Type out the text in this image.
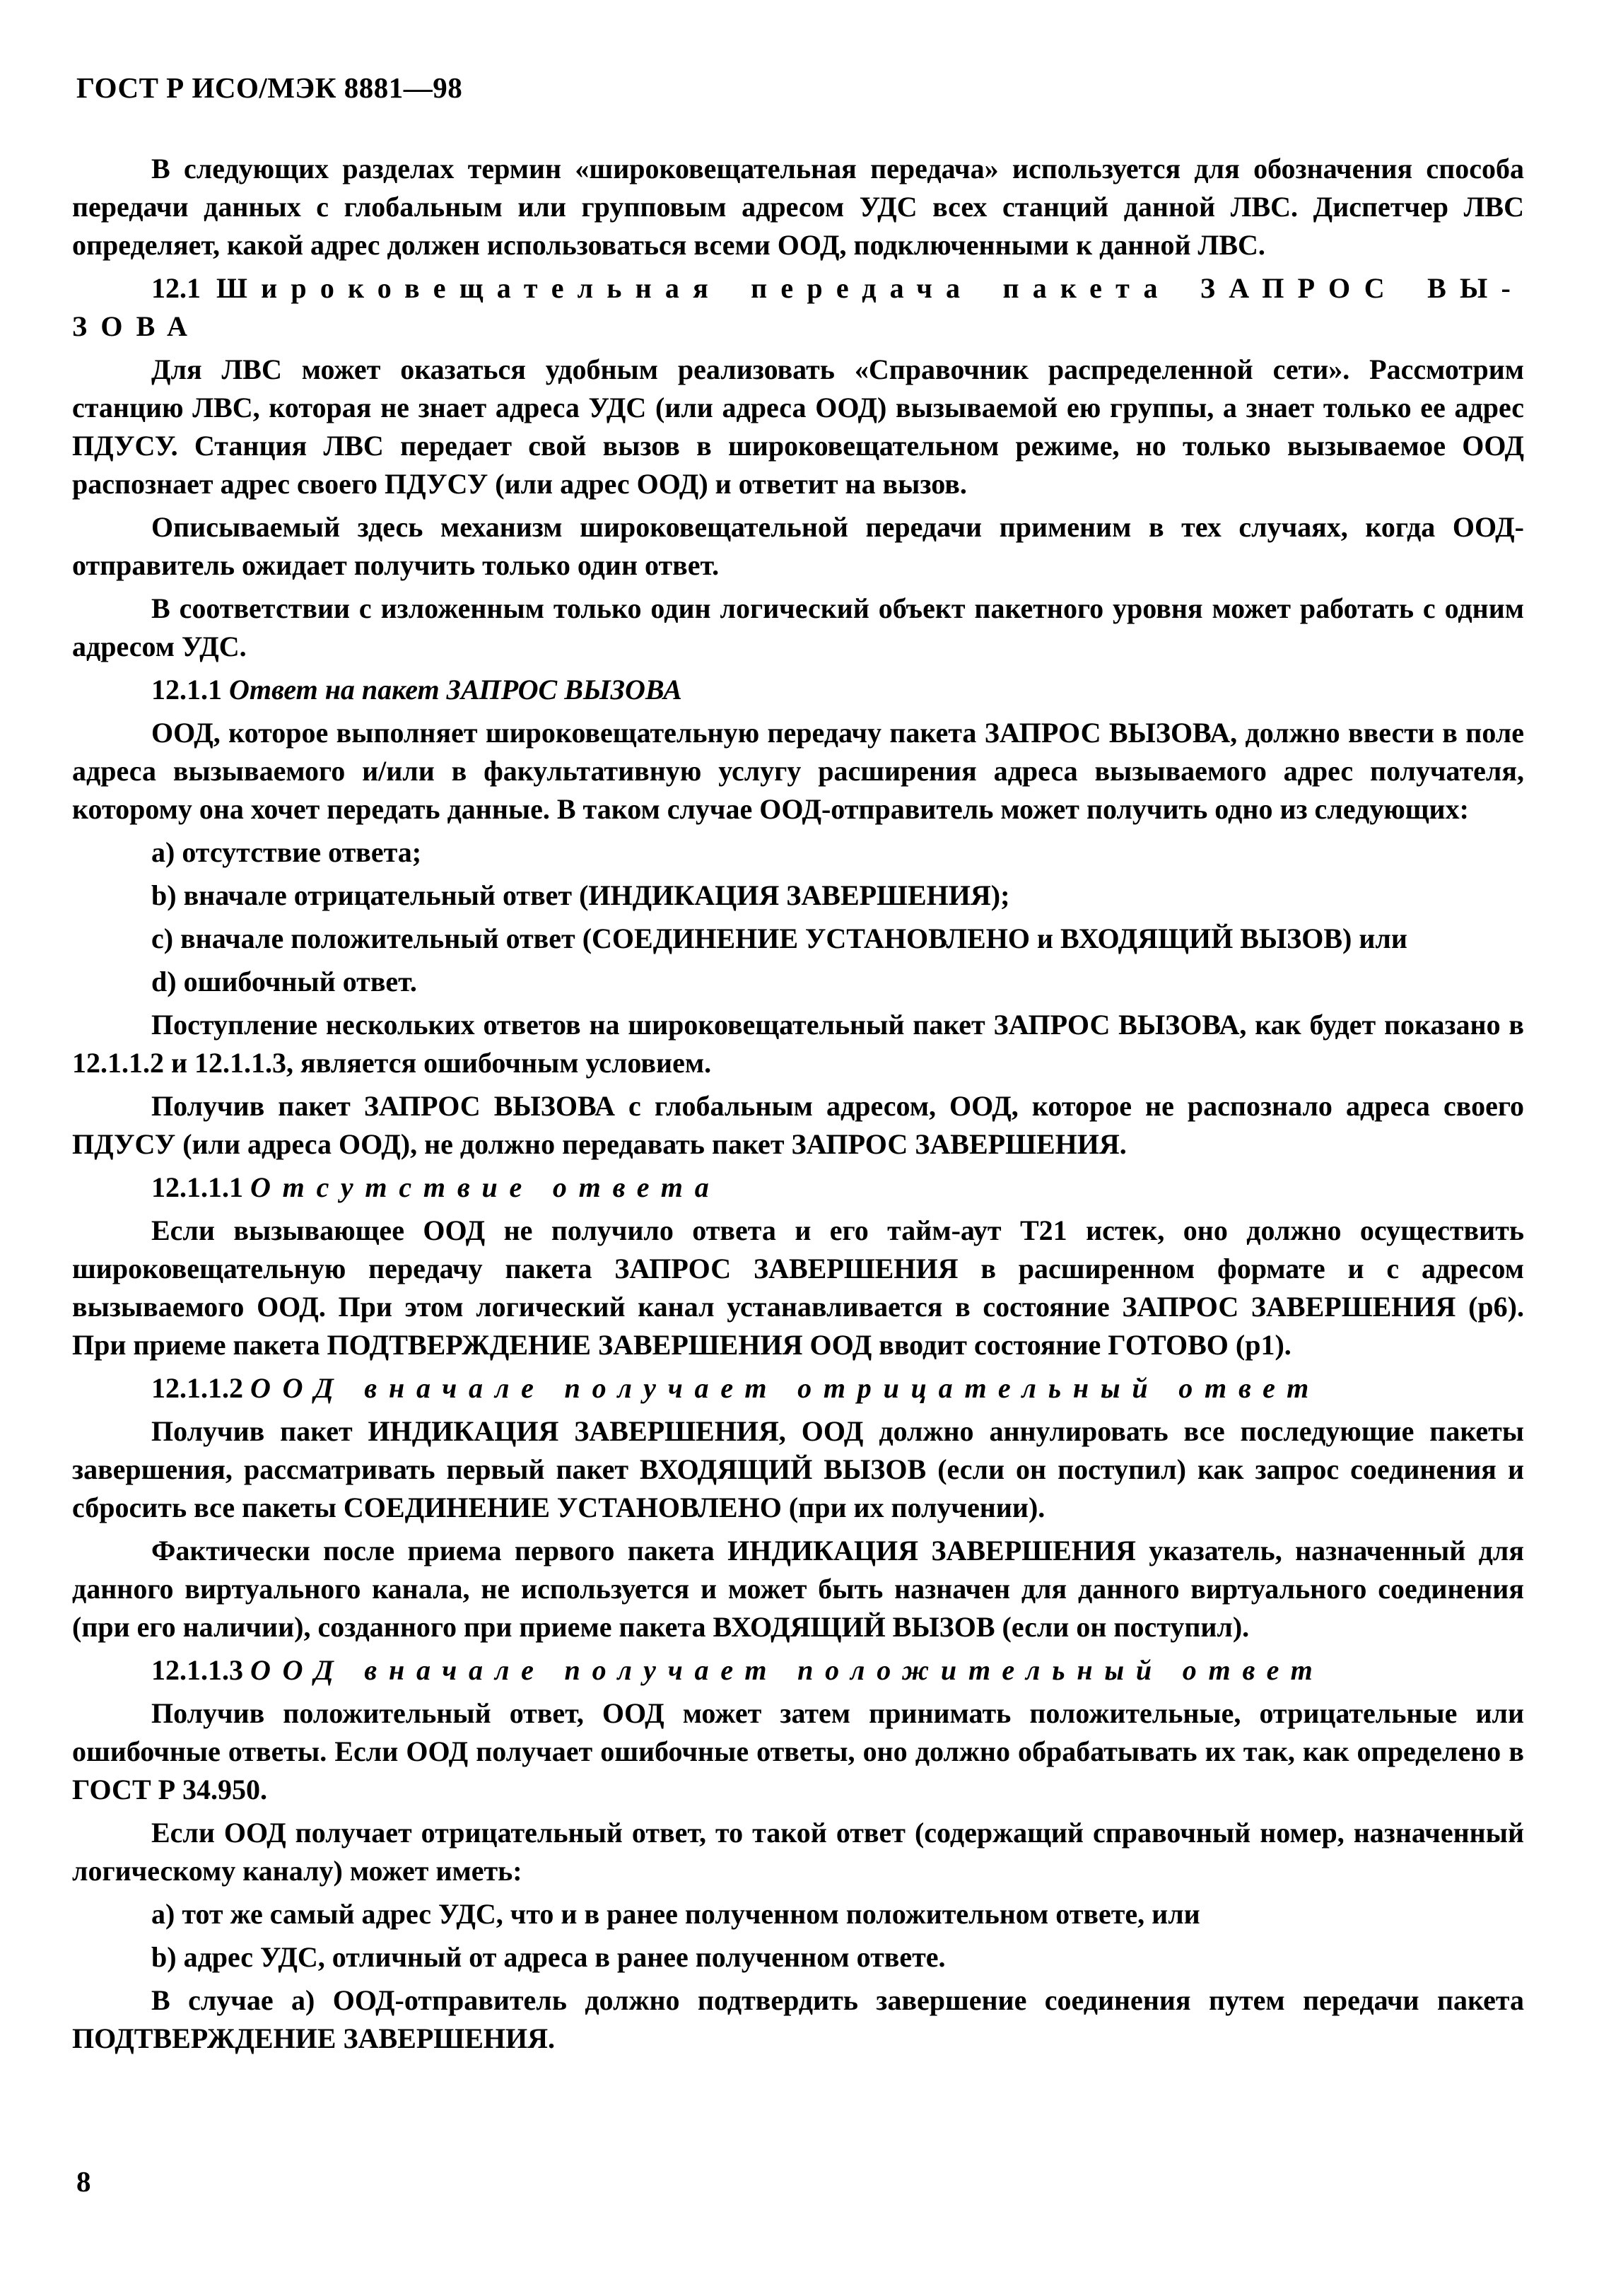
ГОСТ Р ИСО/МЭК 8881—98

В следующих разделах термин «широковещательная передача» используется для обозначения способа передачи данных с глобальным или групповым адресом УДС всех станций данной ЛВС. Диспетчер ЛВС определяет, какой адрес должен использоваться всеми ООД, подключенными к данной ЛВС.

12.1 Широковещательная передача пакета ЗАПРОС ВЫ-

ЗОВА

Для ЛВС может оказаться удобным реализовать «Справочник распределенной сети». Рассмотрим станцию ЛВС, которая не знает адреса УДС (или адреса ООД) вызываемой ею группы, а знает только ее адрес ПДУСУ. Станция ЛВС передает свой вызов в широковещательном режиме, но только вызываемое ООД распознает адрес своего ПДУСУ (или адрес ООД) и ответит на вызов.

Описываемый здесь механизм широковещательной передачи применим в тех случаях, когда ООД-отправитель ожидает получить только один ответ.

В соответствии с изложенным только один логический объект пакетного уровня может работать с одним адресом УДС.

12.1.1 Ответ на пакет ЗАПРОС ВЫЗОВА

ООД, которое выполняет широковещательную передачу пакета ЗАПРОС ВЫЗОВА, должно ввести в поле адреса вызываемого и/или в факультативную услугу расширения адреса вызываемого адрес получателя, которому она хочет передать данные. В таком случае ООД-отправитель может получить одно из следующих:

а) отсутствие ответа;

b) вначале отрицательный ответ (ИНДИКАЦИЯ ЗАВЕРШЕНИЯ);

с) вначале положительный ответ (СОЕДИНЕНИЕ УСТАНОВЛЕНО и ВХОДЯЩИЙ ВЫЗОВ) или

d) ошибочный ответ.

Поступление нескольких ответов на широковещательный пакет ЗАПРОС ВЫЗОВА, как будет показано в 12.1.1.2 и 12.1.1.3, является ошибочным условием.

Получив пакет ЗАПРОС ВЫЗОВА с глобальным адресом, ООД, которое не распознало адреса своего ПДУСУ (или адреса ООД), не должно передавать пакет ЗАПРОС ЗАВЕРШЕНИЯ.

12.1.1.1 Отсутствие ответа

Если вызывающее ООД не получило ответа и его тайм-аут Т21 истек, оно должно осуществить широковещательную передачу пакета ЗАПРОС ЗАВЕРШЕНИЯ в расширенном формате и с адресом вызываемого ООД. При этом логический канал устанавливается в состояние ЗАПРОС ЗАВЕРШЕНИЯ (р6). При приеме пакета ПОДТВЕРЖДЕНИЕ ЗАВЕРШЕНИЯ ООД вводит состояние ГОТОВО (р1).

12.1.1.2 ООД вначале получает отрицательный ответ

Получив пакет ИНДИКАЦИЯ ЗАВЕРШЕНИЯ, ООД должно аннулировать все последующие пакеты завершения, рассматривать первый пакет ВХОДЯЩИЙ ВЫЗОВ (если он поступил) как запрос соединения и сбросить все пакеты СОЕДИНЕНИЕ УСТАНОВЛЕНО (при их получении).

Фактически после приема первого пакета ИНДИКАЦИЯ ЗАВЕРШЕНИЯ указатель, назначенный для данного виртуального канала, не используется и может быть назначен для данного виртуального соединения (при его наличии), созданного при приеме пакета ВХОДЯЩИЙ ВЫЗОВ (если он поступил).

12.1.1.3 ООД вначале получает положительный ответ

Получив положительный ответ, ООД может затем принимать положительные, отрицательные или ошибочные ответы. Если ООД получает ошибочные ответы, оно должно обрабатывать их так, как определено в ГОСТ Р 34.950.

Если ООД получает отрицательный ответ, то такой ответ (содержащий справочный номер, назначенный логическому каналу) может иметь:

а) тот же самый адрес УДС, что и в ранее полученном положительном ответе, или

b) адрес УДС, отличный от адреса в ранее полученном ответе.

В случае а) ООД-отправитель должно подтвердить завершение соединения путем передачи пакета ПОДТВЕРЖДЕНИЕ ЗАВЕРШЕНИЯ.

8
